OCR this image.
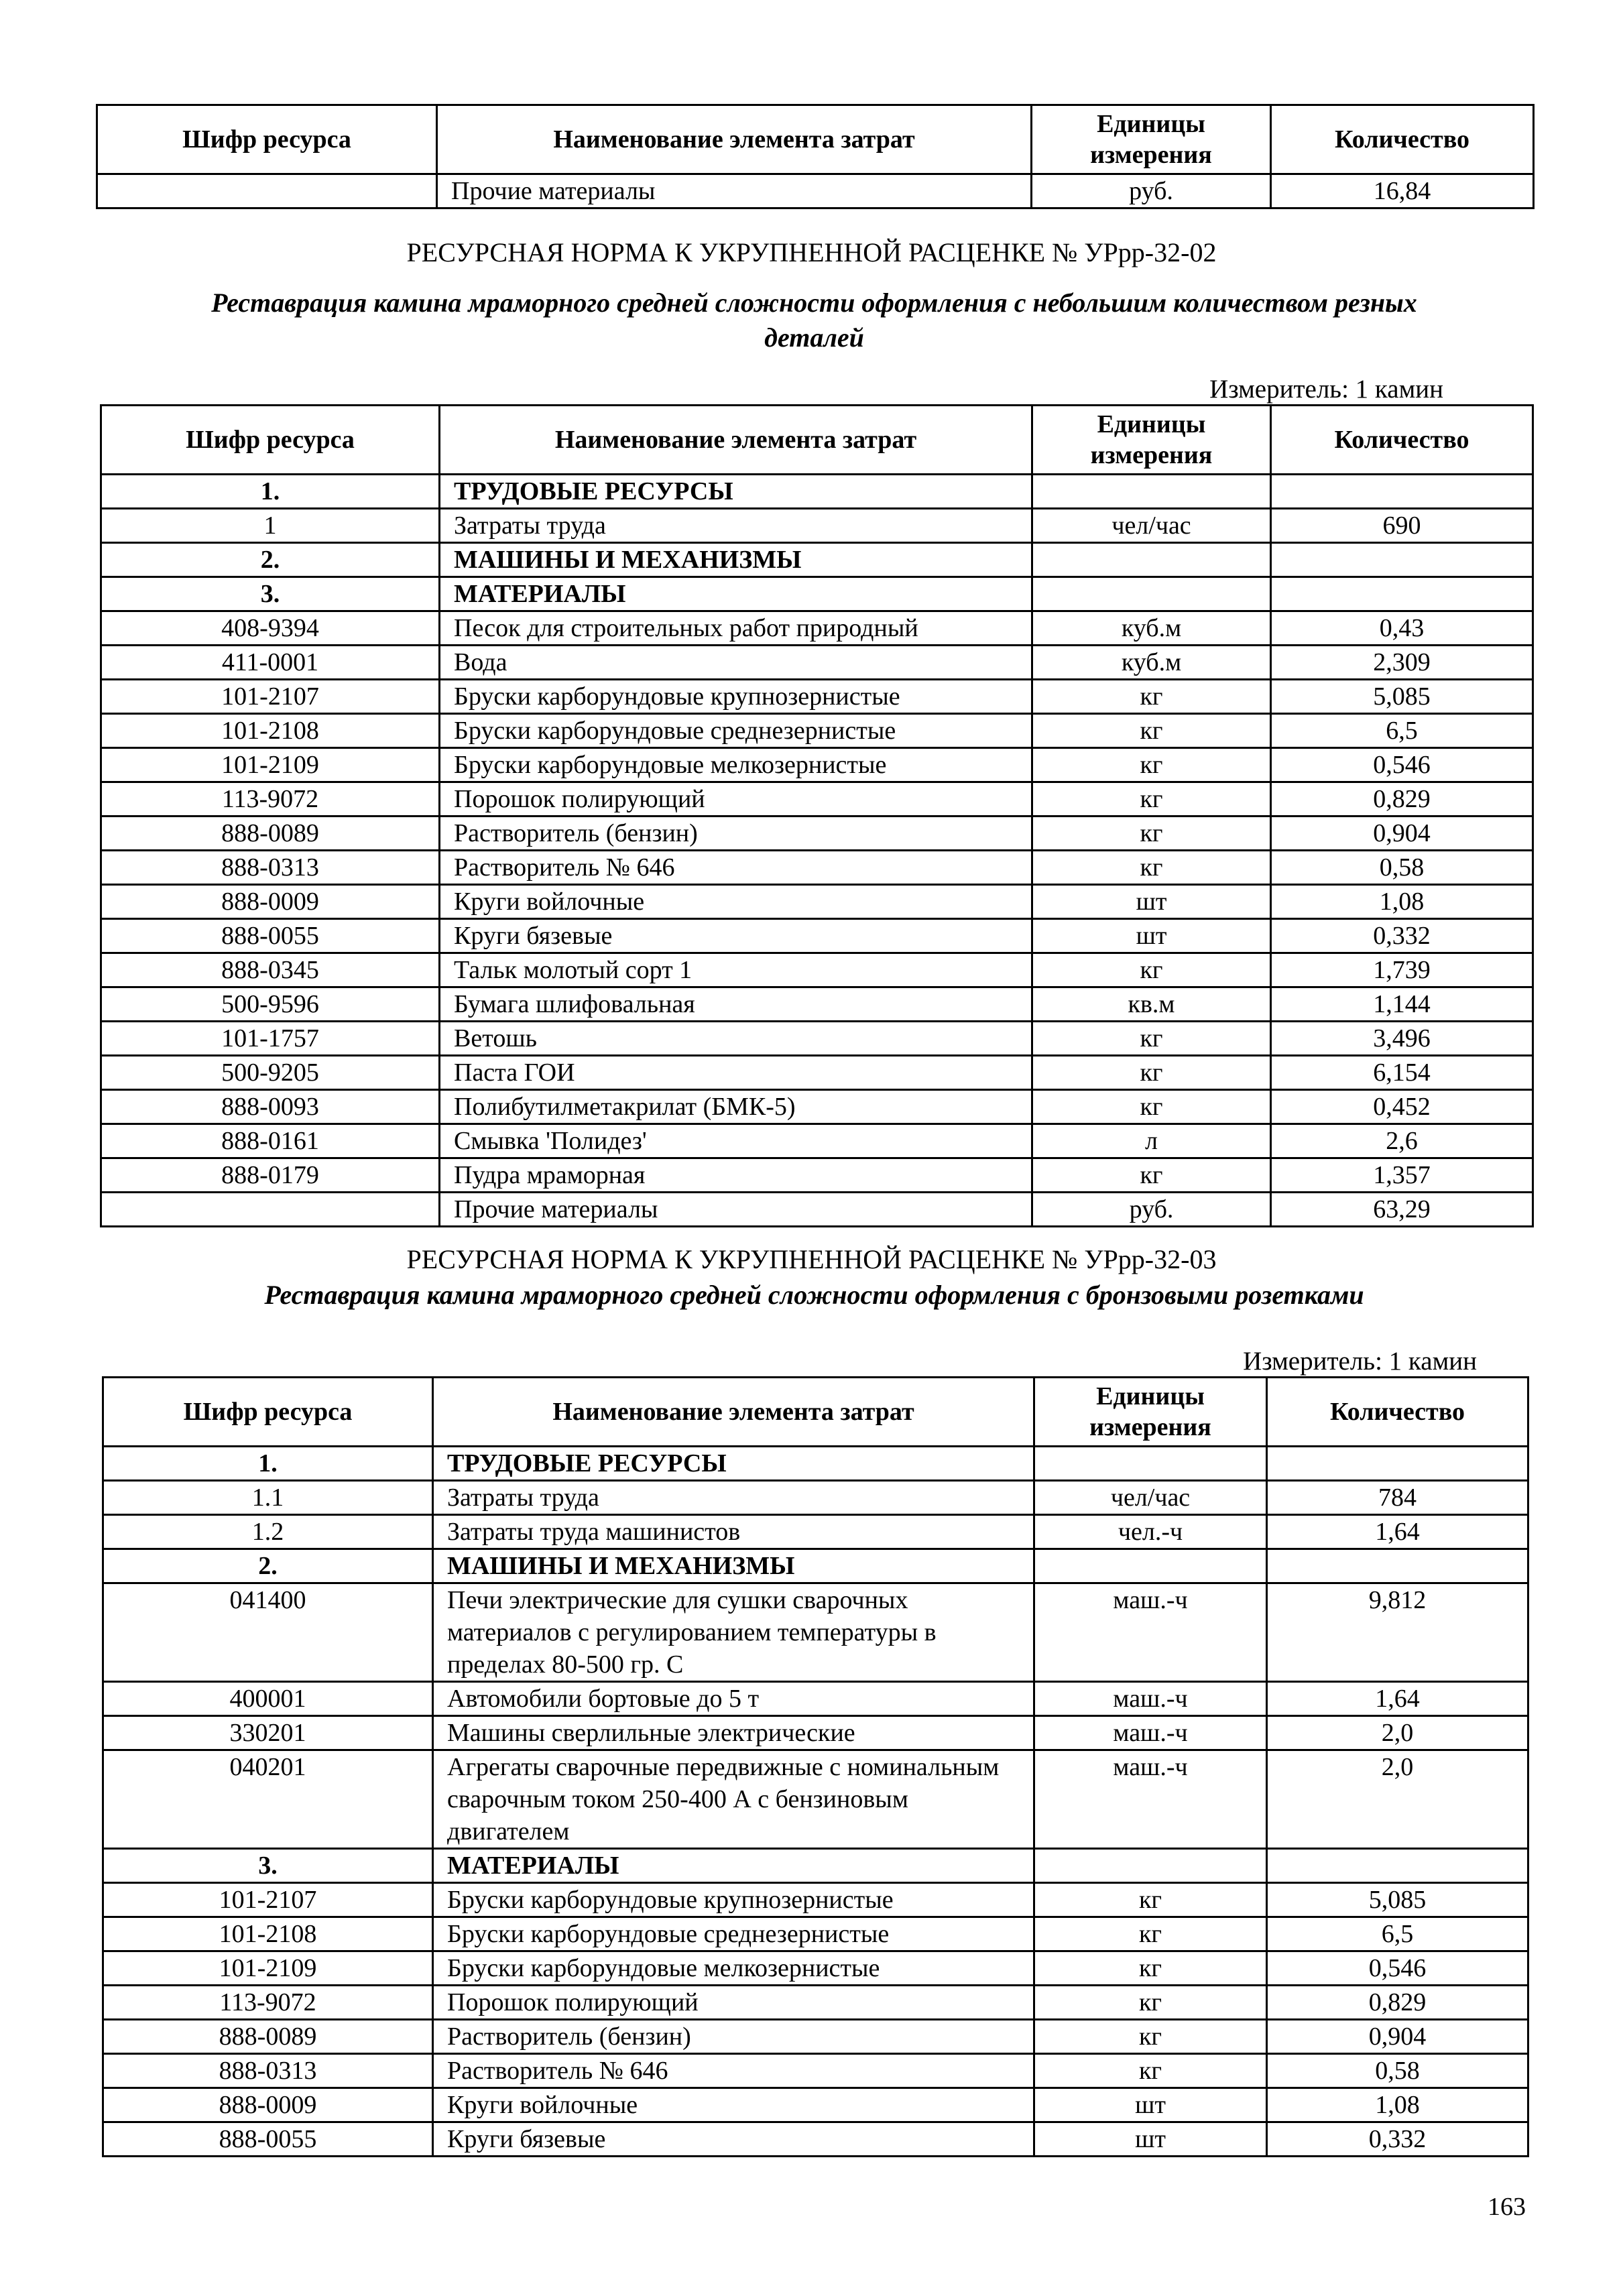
Шифр ресурса	Наименование элемента затрат	Единицы
измерения	Количество
	Прочие материалы	руб.	16,84
РЕСУРСНАЯ НОРМА К УКРУПНЕННОЙ РАСЦЕНКЕ № УРрр-32-02
Реставрация камина мраморного средней сложности оформления с небольшим количеством резных
деталей
Измеритель: 1 камин
Шифр ресурса	Наименование элемента затрат	Единицы
измерения	Количество
1.	ТРУДОВЫЕ РЕСУРСЫ		
1	Затраты труда	чел/час	690
2.	МАШИНЫ И МЕХАНИЗМЫ		
3.	МАТЕРИАЛЫ		
408-9394	Песок для строительных работ природный	куб.м	0,43
411-0001	Вода	куб.м	2,309
101-2107	Бруски карборундовые крупнозернистые	кг	5,085
101-2108	Бруски карборундовые среднезернистые	кг	6,5
101-2109	Бруски карборундовые мелкозернистые	кг	0,546
113-9072	Порошок полирующий	кг	0,829
888-0089	Растворитель (бензин)	кг	0,904
888-0313	Растворитель № 646	кг	0,58
888-0009	Круги войлочные	шт	1,08
888-0055	Круги бязевые	шт	0,332
888-0345	Тальк молотый сорт 1	кг	1,739
500-9596	Бумага шлифовальная	кв.м	1,144
101-1757	Ветошь	кг	3,496
500-9205	Паста ГОИ	кг	6,154
888-0093	Полибутилметакрилат (БМК-5)	кг	0,452
888-0161	Смывка 'Полидез'	л	2,6
888-0179	Пудра мраморная	кг	1,357
	Прочие материалы	руб.	63,29
РЕСУРСНАЯ НОРМА К УКРУПНЕННОЙ РАСЦЕНКЕ № УРрр-32-03
Реставрация камина мраморного средней сложности оформления с бронзовыми розетками
Измеритель: 1 камин
Шифр ресурса	Наименование элемента затрат	Единицы
измерения	Количество
1.	ТРУДОВЫЕ РЕСУРСЫ		
1.1	Затраты труда	чел/час	784
1.2	Затраты труда машинистов	чел.-ч	1,64
2.	МАШИНЫ И МЕХАНИЗМЫ		
041400	Печи электрические для сушки сварочных материалов с регулированием температуры в пределах 80-500 гр. С	маш.-ч	9,812
400001	Автомобили бортовые до 5 т	маш.-ч	1,64
330201	Машины сверлильные электрические	маш.-ч	2,0
040201	Агрегаты сварочные передвижные с номинальным сварочным током 250-400 А с бензиновым двигателем	маш.-ч	2,0
3.	МАТЕРИАЛЫ		
101-2107	Бруски карборундовые крупнозернистые	кг	5,085
101-2108	Бруски карборундовые среднезернистые	кг	6,5
101-2109	Бруски карборундовые мелкозернистые	кг	0,546
113-9072	Порошок полирующий	кг	0,829
888-0089	Растворитель (бензин)	кг	0,904
888-0313	Растворитель № 646	кг	0,58
888-0009	Круги войлочные	шт	1,08
888-0055	Круги бязевые	шт	0,332
163
